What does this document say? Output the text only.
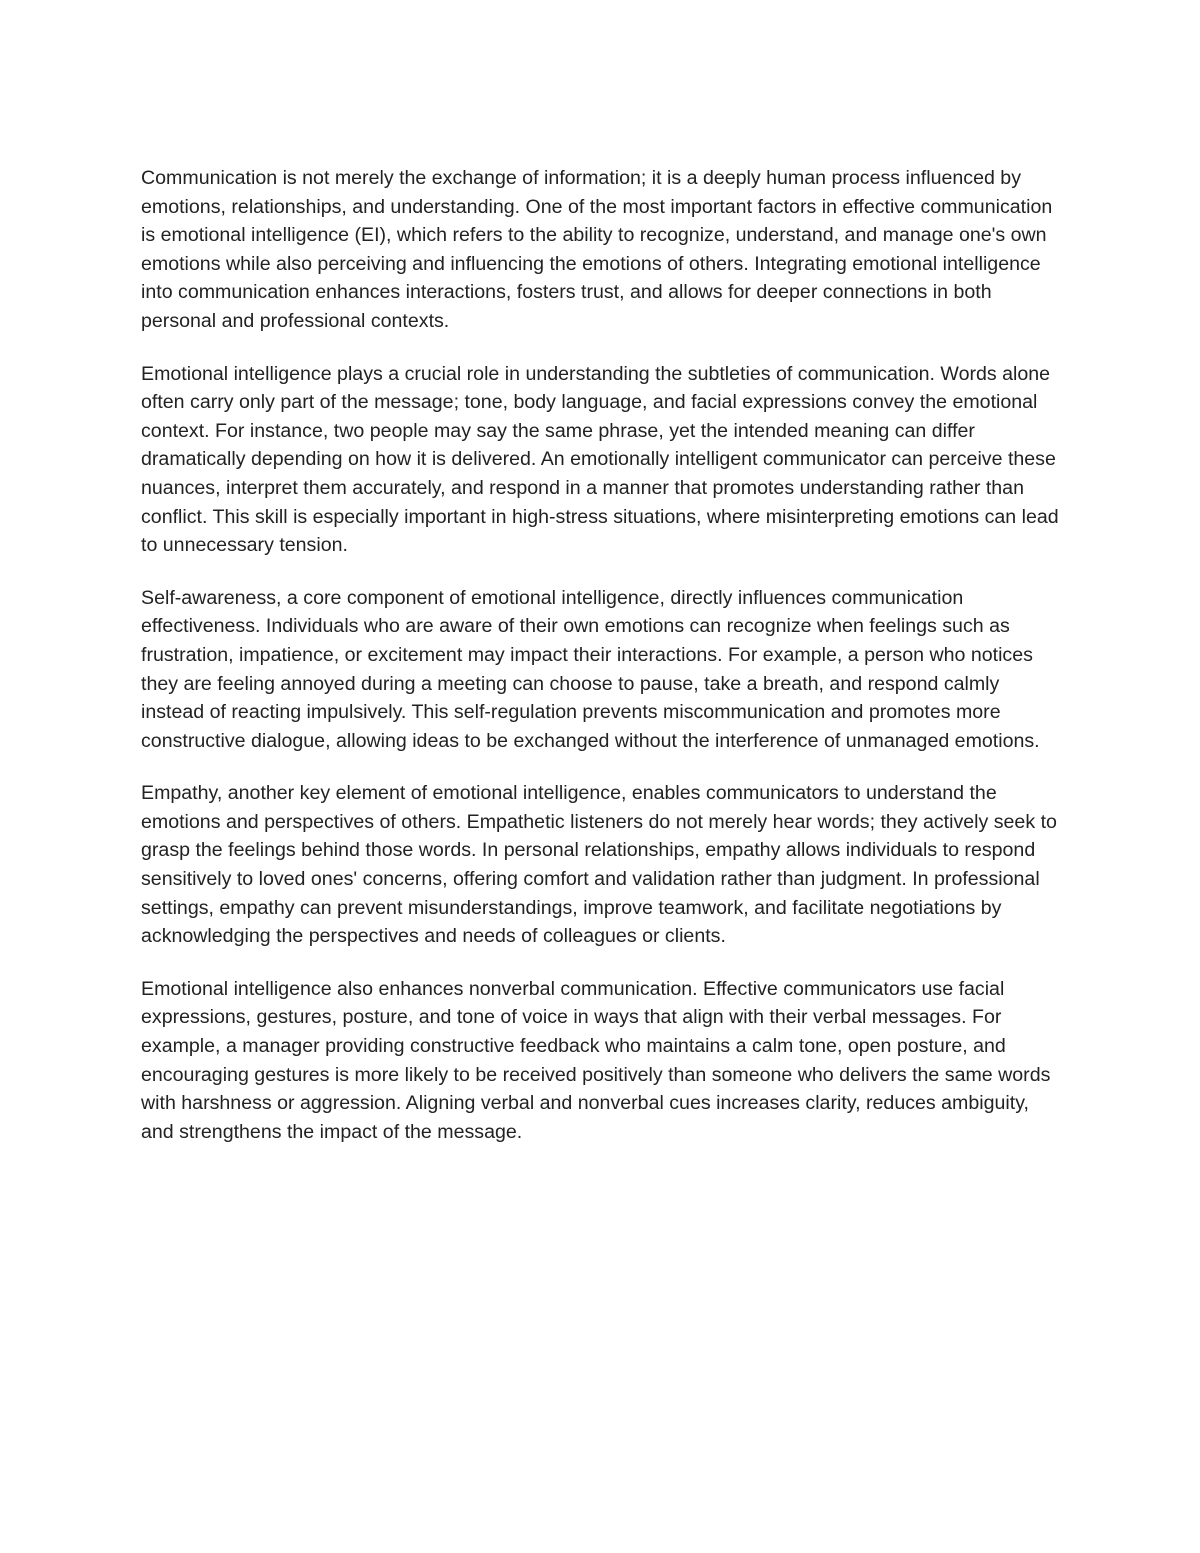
Communication is not merely the exchange of information; it is a deeply human process influenced by emotions, relationships, and understanding. One of the most important factors in effective communication is emotional intelligence (EI), which refers to the ability to recognize, understand, and manage one's own emotions while also perceiving and influencing the emotions of others. Integrating emotional intelligence into communication enhances interactions, fosters trust, and allows for deeper connections in both personal and professional contexts.

Emotional intelligence plays a crucial role in understanding the subtleties of communication. Words alone often carry only part of the message; tone, body language, and facial expressions convey the emotional context. For instance, two people may say the same phrase, yet the intended meaning can differ dramatically depending on how it is delivered. An emotionally intelligent communicator can perceive these nuances, interpret them accurately, and respond in a manner that promotes understanding rather than conflict. This skill is especially important in high-stress situations, where misinterpreting emotions can lead to unnecessary tension.

Self-awareness, a core component of emotional intelligence, directly influences communication effectiveness. Individuals who are aware of their own emotions can recognize when feelings such as frustration, impatience, or excitement may impact their interactions. For example, a person who notices they are feeling annoyed during a meeting can choose to pause, take a breath, and respond calmly instead of reacting impulsively. This self-regulation prevents miscommunication and promotes more constructive dialogue, allowing ideas to be exchanged without the interference of unmanaged emotions.

Empathy, another key element of emotional intelligence, enables communicators to understand the emotions and perspectives of others. Empathetic listeners do not merely hear words; they actively seek to grasp the feelings behind those words. In personal relationships, empathy allows individuals to respond sensitively to loved ones' concerns, offering comfort and validation rather than judgment. In professional settings, empathy can prevent misunderstandings, improve teamwork, and facilitate negotiations by acknowledging the perspectives and needs of colleagues or clients.

Emotional intelligence also enhances nonverbal communication. Effective communicators use facial expressions, gestures, posture, and tone of voice in ways that align with their verbal messages. For example, a manager providing constructive feedback who maintains a calm tone, open posture, and encouraging gestures is more likely to be received positively than someone who delivers the same words with harshness or aggression. Aligning verbal and nonverbal cues increases clarity, reduces ambiguity, and strengthens the impact of the message.
